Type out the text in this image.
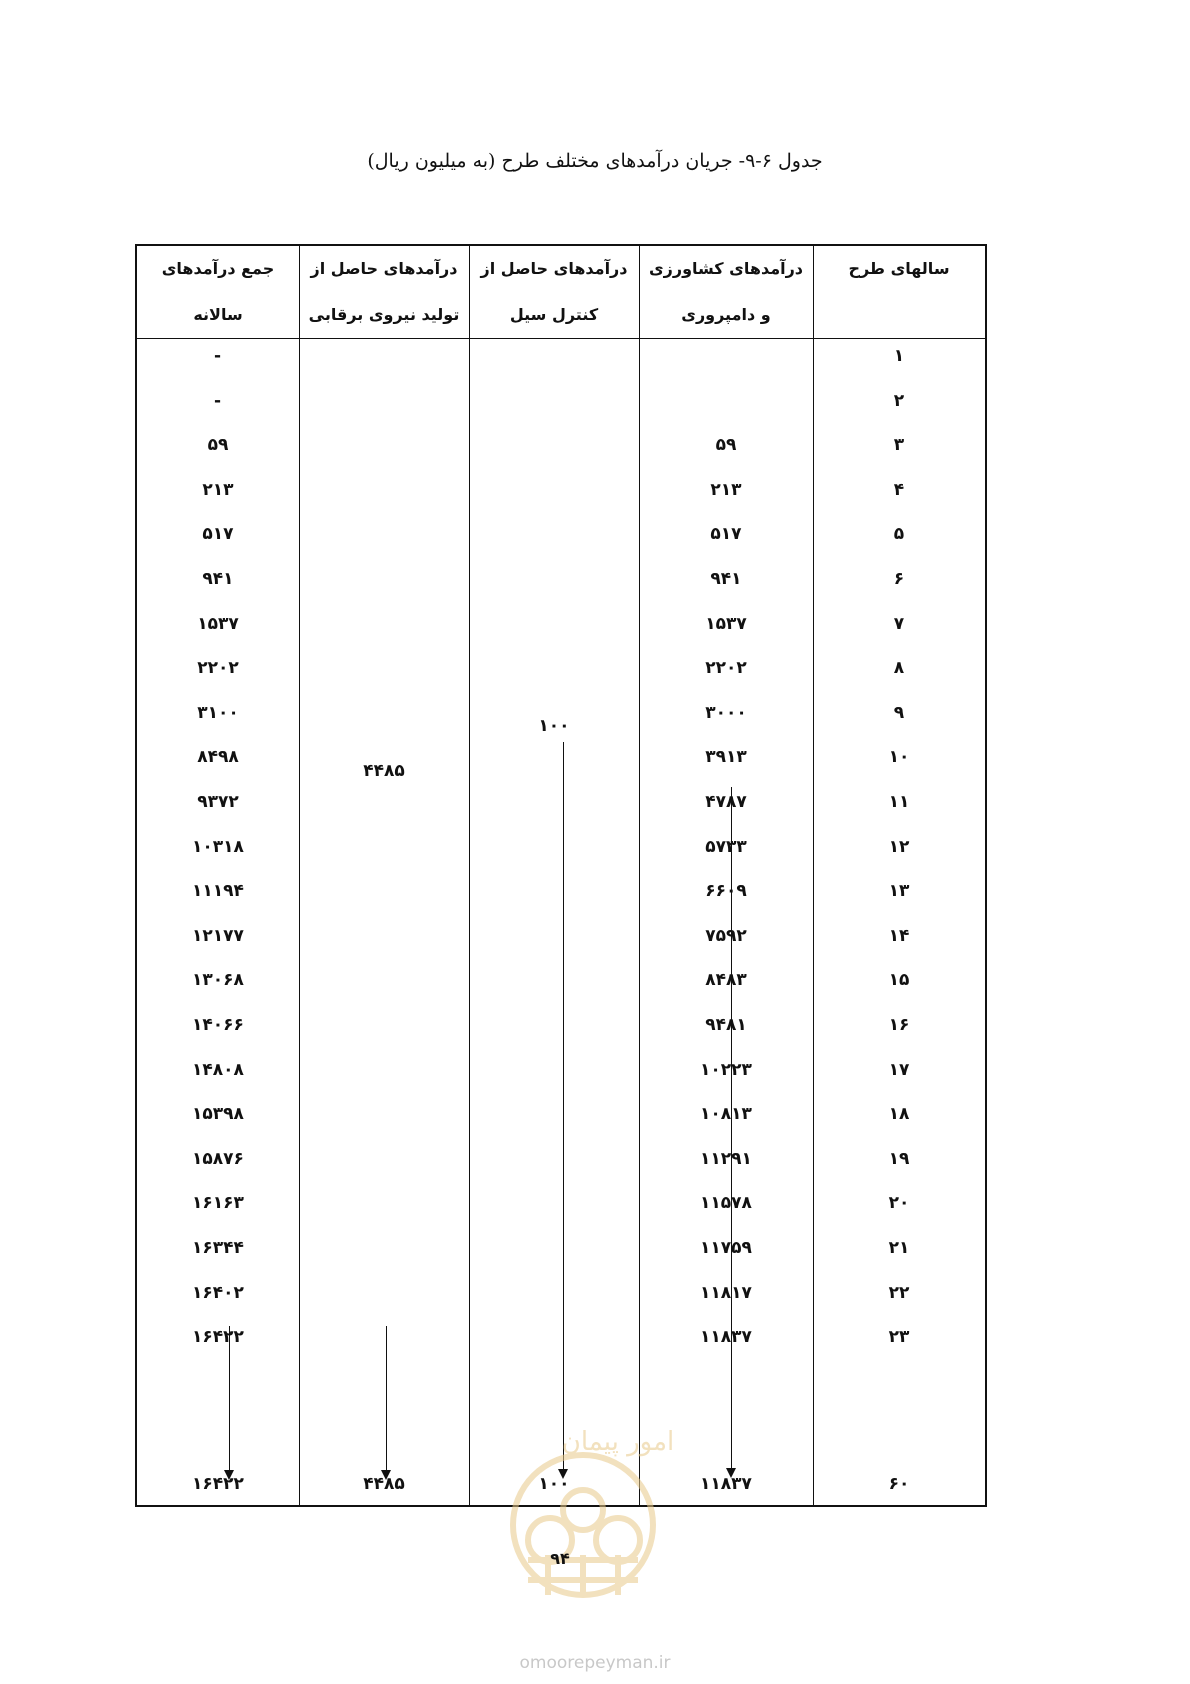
جدول ۶-۹- جریان درآمدهای مختلف طرح (به میلیون ریال)
سالهای طرح
درآمدهای کشاورزی
و دامپروری
درآمدهای حاصل از
کنترل سیل
درآمدهای حاصل از
تولید نیروی برقابی
جمع درآمدهای
سالانه
۱
-
۲
-
۳
۵۹
۵۹
۴
۲۱۳
۲۱۳
۵
۵۱۷
۵۱۷
۶
۹۴۱
۹۴۱
۷
۱۵۳۷
۱۵۳۷
۸
۲۲۰۲
۲۲۰۲
۹
۳۰۰۰
۳۱۰۰
۱۰
۳۹۱۳
۸۴۹۸
۱۱
۴۷۸۷
۹۳۷۲
۱۲
۵۷۳۳
۱۰۳۱۸
۱۳
۶۶۰۹
۱۱۱۹۴
۱۴
۷۵۹۲
۱۲۱۷۷
۱۵
۸۴۸۳
۱۳۰۶۸
۱۶
۹۴۸۱
۱۴۰۶۶
۱۷
۱۰۲۲۳
۱۴۸۰۸
۱۸
۱۰۸۱۳
۱۵۳۹۸
۱۹
۱۱۲۹۱
۱۵۸۷۶
۲۰
۱۱۵۷۸
۱۶۱۶۳
۲۱
۱۱۷۵۹
۱۶۳۴۴
۲۲
۱۱۸۱۷
۱۶۴۰۲
۲۳
۱۱۸۳۷
۱۶۴۲۲
۱۰۰
۴۴۸۵
۶۰
۱۱۸۳۷
۱۰۰
۴۴۸۵
۱۶۴۲۲
امور پیمان
۹۴
omoorepeyman.ir
